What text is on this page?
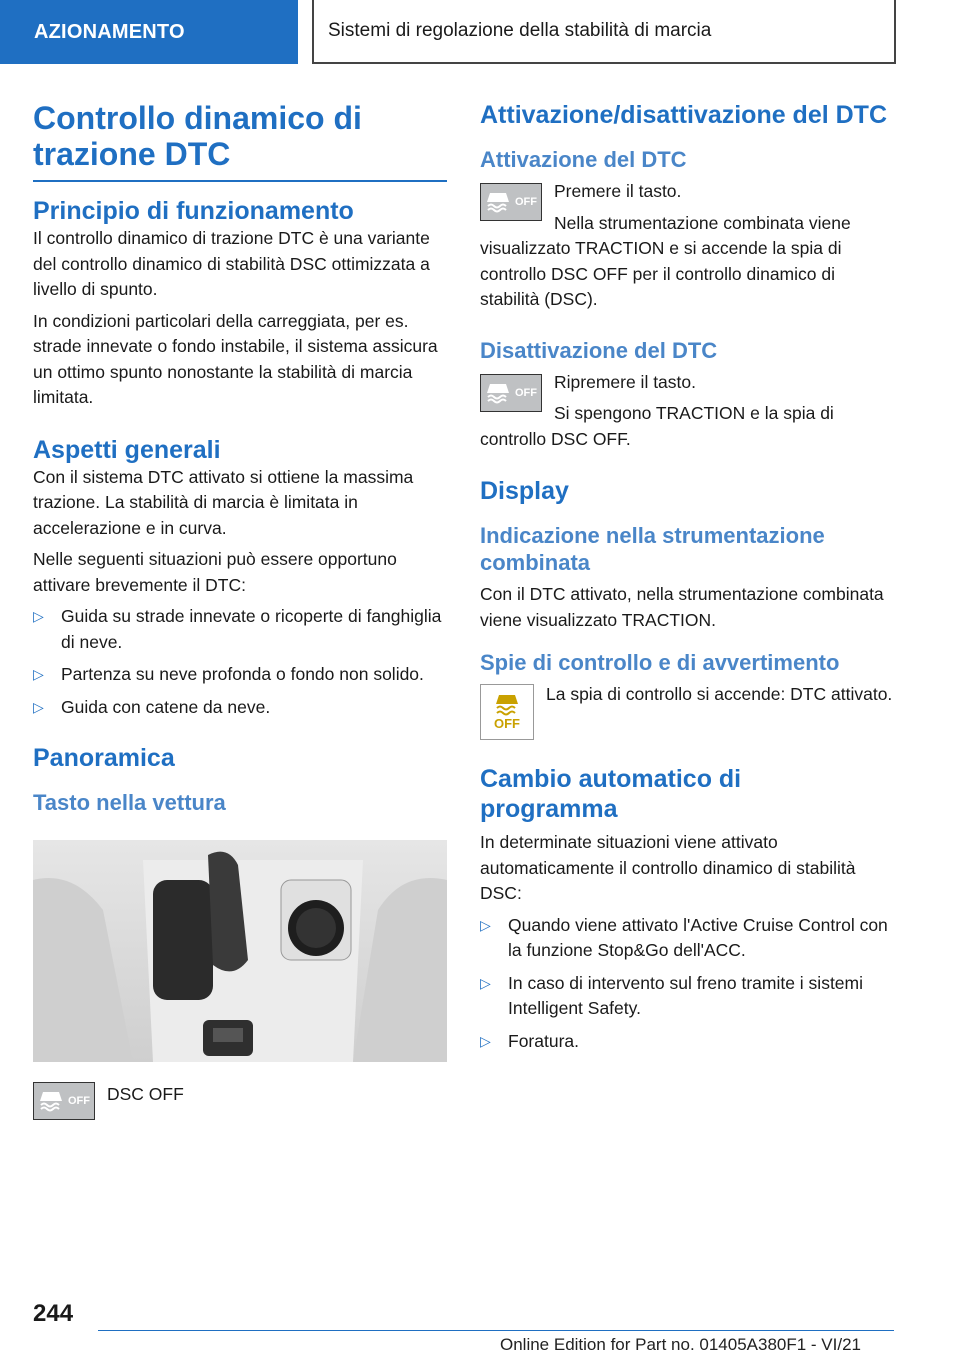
AZIONAMENTO	Sistemi di regolazione della stabilità di marcia
Controllo dinamico di trazione DTC
Principio di funzionamento

Il controllo dinamico di trazione DTC è una variante del controllo dinamico di stabilità DSC ottimizzata a livello di spunto.

In condizioni particolari della carreggiata, per es. strade innevate o fondo instabile, il sistema assicura un ottimo spunto nonostante la stabilità di marcia limitata.

Aspetti generali

Con il sistema DTC attivato si ottiene la massima trazione. La stabilità di marcia è limitata in accelerazione e in curva.

Nelle seguenti situazioni può essere opportuno attivare brevemente il DTC:

▷ Guida su strade innevate o ricoperte di fanghiglia di neve.
▷ Partenza su neve profonda o fondo non solido.
▷ Guida con catene da neve.
Panoramica
Tasto nella vettura
OFF DSC OFF

Attivazione/disattivazione del DTC
Attivazione del DTC
OFF

Premere il tasto.

Nella strumentazione combinata viene

visualizzato TRACTION e si accende la spia di controllo DSC OFF per il controllo dinamico di stabilità (DSC).

Disattivazione del DTC
OFF

Ripremere il tasto.

Si spengono TRACTION e la spia di

controllo DSC OFF.

Display
Indicazione nella strumentazione combinata

Con il DTC attivato, nella strumentazione combinata viene visualizzato TRACTION.

Spie di controllo e di avvertimento
OFF

La spia di controllo si accende: DTC attivato.

Cambio automatico di programma

In determinate situazioni viene attivato automaticamente il controllo dinamico di stabilità DSC:

▷ Quando viene attivato l'Active Cruise Control con la funzione Stop&Go dell'ACC.
▷ In caso di intervento sul freno tramite i sistemi Intelligent Safety.
▷ Foratura.
244
Online Edition for Part no. 01405A380F1 - VI/21
